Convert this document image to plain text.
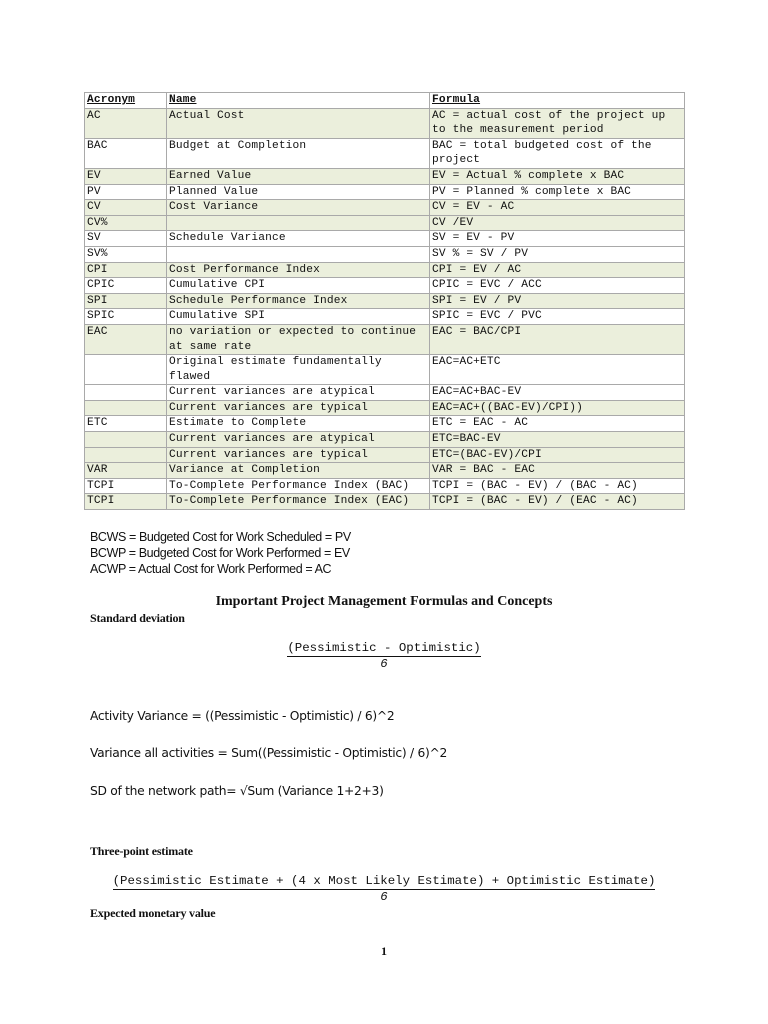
Acronym	Name	Formula
AC	Actual Cost	AC = actual cost of the project up to the measurement period
BAC	Budget at Completion	BAC = total budgeted cost of the project
EV	Earned Value	EV = Actual % complete x BAC
PV	Planned Value	PV = Planned % complete x BAC
CV	Cost Variance	CV = EV - AC
CV%		CV /EV
SV	Schedule Variance	SV = EV - PV
SV%		SV % = SV / PV
CPI	Cost Performance Index	CPI = EV / AC
CPIC	Cumulative CPI	CPIC = EVC / ACC
SPI	Schedule Performance Index	SPI = EV / PV
SPIC	Cumulative SPI	SPIC = EVC / PVC
EAC	no variation or expected to continue at same rate	EAC = BAC/CPI
	Original estimate fundamentally flawed	EAC=AC+ETC
	Current variances are atypical	EAC=AC+BAC-EV
	Current variances are typical	EAC=AC+((BAC-EV)/CPI))
ETC	Estimate to Complete	ETC = EAC - AC
	Current variances are atypical	ETC=BAC-EV
	Current variances are typical	ETC=(BAC-EV)/CPI
VAR	Variance at Completion	VAR = BAC - EAC
TCPI	To-Complete Performance Index (BAC)	TCPI = (BAC - EV) / (BAC - AC)
TCPI	To-Complete Performance Index (EAC)	TCPI = (BAC - EV) / (EAC - AC)
BCWS = Budgeted Cost for Work Scheduled = PV
BCWP = Budgeted Cost for Work Performed = EV
ACWP = Actual Cost for Work Performed = AC
Important Project Management Formulas and Concepts
Standard deviation
(Pessimistic - Optimistic)
6
Activity Variance = ((Pessimistic - Optimistic) / 6)^2
Variance all activities = Sum((Pessimistic - Optimistic) / 6)^2
SD of the network path= √Sum (Variance 1+2+3)
Three-point estimate
(Pessimistic Estimate + (4 x Most Likely Estimate) + Optimistic Estimate)
6
Expected monetary value
1
